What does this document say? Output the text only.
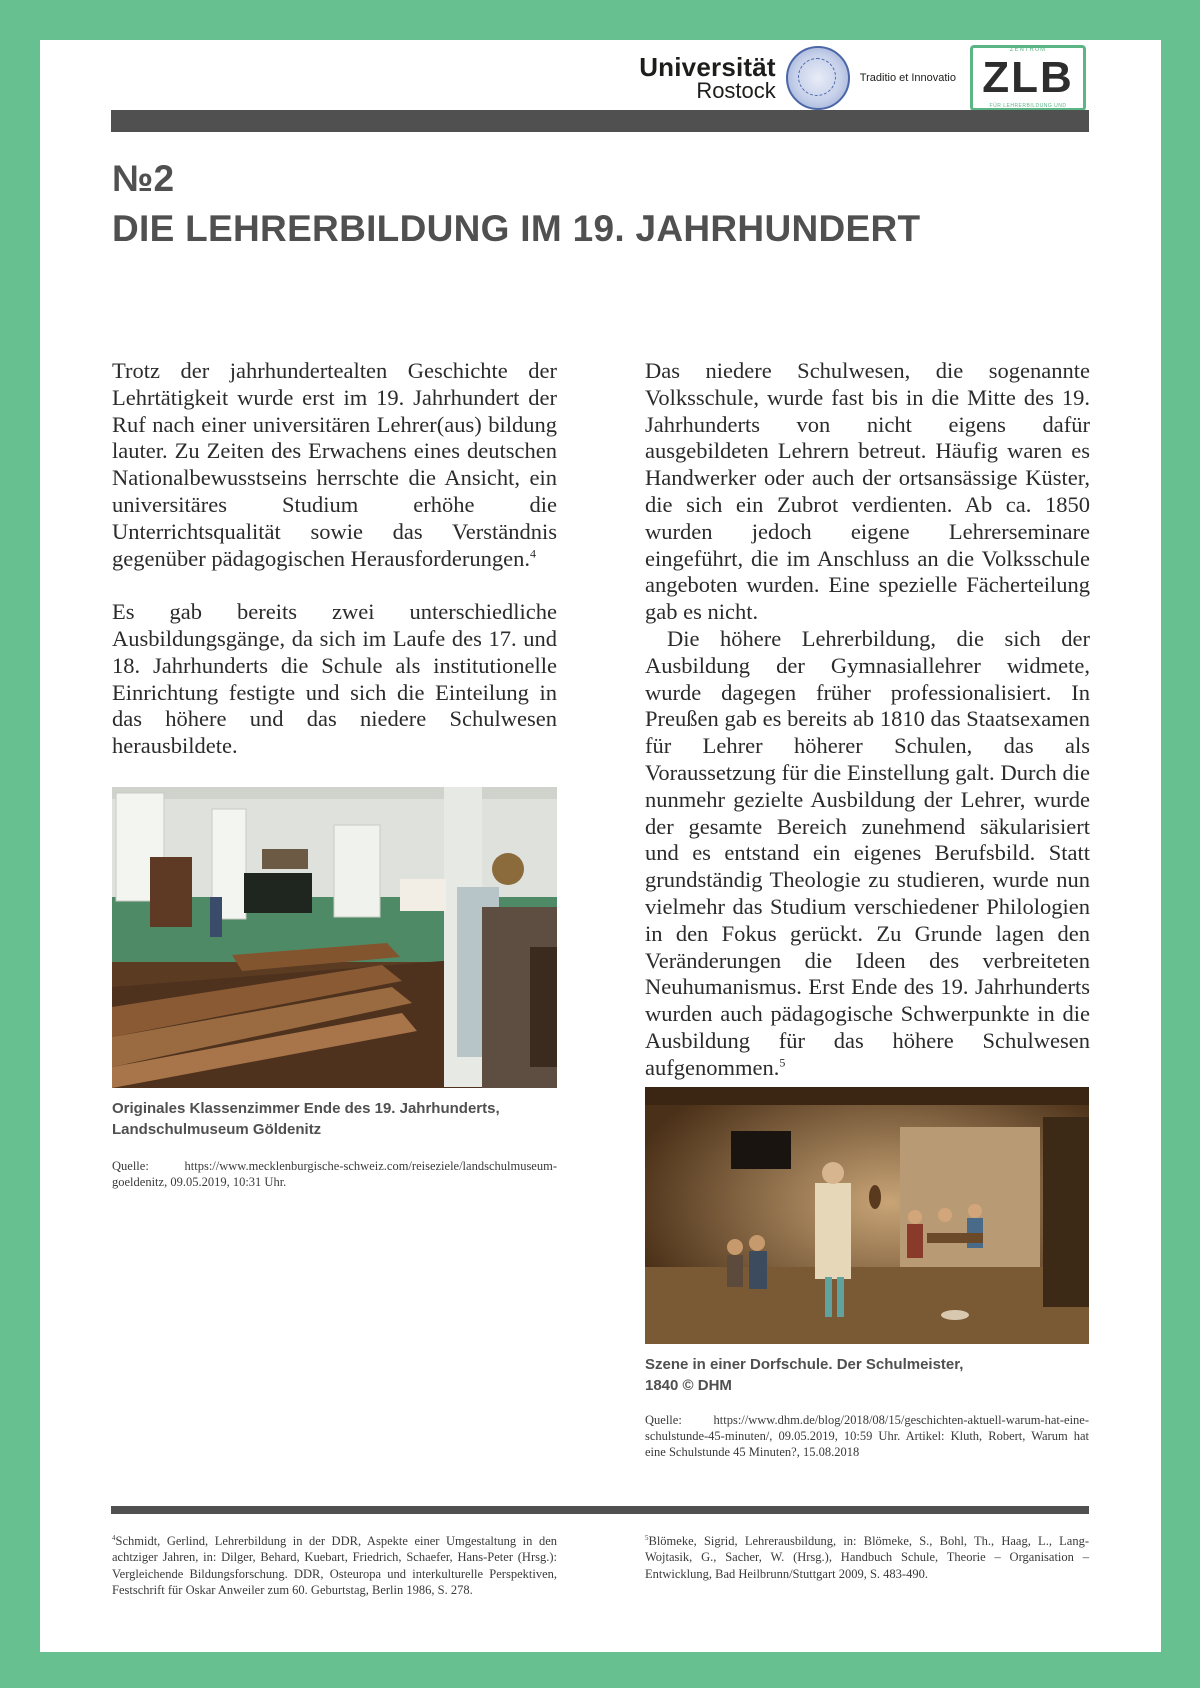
Universität
Rostock	Traditio et Innovatio
ZENTRUM
ZLB
FÜR LEHRERBILDUNG UND
№2
DIE LEHRERBILDUNG IM 19. JAHRHUNDERT

Trotz der jahrhundertealten Geschichte der Lehrtätigkeit wurde erst im 19. Jahrhundert der Ruf nach einer universitären Lehrer(aus) bildung lauter. Zu Zeiten des Erwachens eines deutschen Nationalbewusstseins herrschte die Ansicht, ein universitäres Studium erhöhe die Unterrichtsqualität sowie das Verständnis gegenüber pädagogischen Herausforderungen.$^4$

Es gab bereits zwei unterschiedliche Ausbildungsgänge, da sich im Laufe des 17. und 18. Jahrhunderts die Schule als institutionelle Einrichtung festigte und sich die Einteilung in das höhere und das niedere Schulwesen herausbildete.

Originales Klassenzimmer Ende des 19. Jahrhunderts,
Landschulmuseum Göldenitz
Quelle: https://www.mecklenburgische-schweiz.com/reiseziele/landschulmuseum-goeldenitz, 09.05.2019, 10:31 Uhr.

Das niedere Schulwesen, die sogenannte Volksschule, wurde fast bis in die Mitte des 19. Jahrhunderts von nicht eigens dafür ausgebildeten Lehrern betreut. Häufig waren es Handwerker oder auch der ortsansässige Küster, die sich ein Zubrot verdienten. Ab ca. 1850 wurden jedoch eigene Lehrerseminare eingeführt, die im Anschluss an die Volksschule angeboten wurden. Eine spezielle Fächerteilung gab es nicht.

Die höhere Lehrerbildung, die sich der Ausbildung der Gymnasiallehrer widmete, wurde dagegen früher professionalisiert. In Preußen gab es bereits ab 1810 das Staatsexamen für Lehrer höherer Schulen, das als Voraussetzung für die Einstellung galt. Durch die nunmehr gezielte Ausbildung der Lehrer, wurde der gesamte Bereich zunehmend säkularisiert und es entstand ein eigenes Berufsbild. Statt grundständig Theologie zu studieren, wurde nun vielmehr das Studium verschiedener Philologien in den Fokus gerückt. Zu Grunde lagen den Veränderungen die Ideen des verbreiteten Neuhumanismus. Erst Ende des 19. Jahrhunderts wurden auch pädagogische Schwerpunkte in die Ausbildung für das höhere Schulwesen aufgenommen.$^5$

Szene in einer Dorfschule. Der Schulmeister,
1840 © DHM
Quelle: https://www.dhm.de/blog/2018/08/15/geschichten-aktuell-warum-hat-eine-schulstunde-45-minuten/, 09.05.2019, 10:59 Uhr. Artikel: Kluth, Robert, Warum hat eine Schulstunde 45 Minuten?, 15.08.2018
$^4$Schmidt, Gerlind, Lehrerbildung in der DDR, Aspekte einer Umgestaltung in den achtziger Jahren, in: Dilger, Behard, Kuebart, Friedrich, Schaefer, Hans-Peter (Hrsg.): Vergleichende Bildungsforschung. DDR, Osteuropa und interkulturelle Perspektiven, Festschrift für Oskar Anweiler zum 60. Geburtstag, Berlin 1986, S. 278.
$^5$Blömeke, Sigrid, Lehrerausbildung, in: Blömeke, S., Bohl, Th., Haag, L., Lang-Wojtasik, G., Sacher, W. (Hrsg.), Handbuch Schule, Theorie – Organisation – Entwicklung, Bad Heilbrunn/Stuttgart 2009, S. 483-490.
